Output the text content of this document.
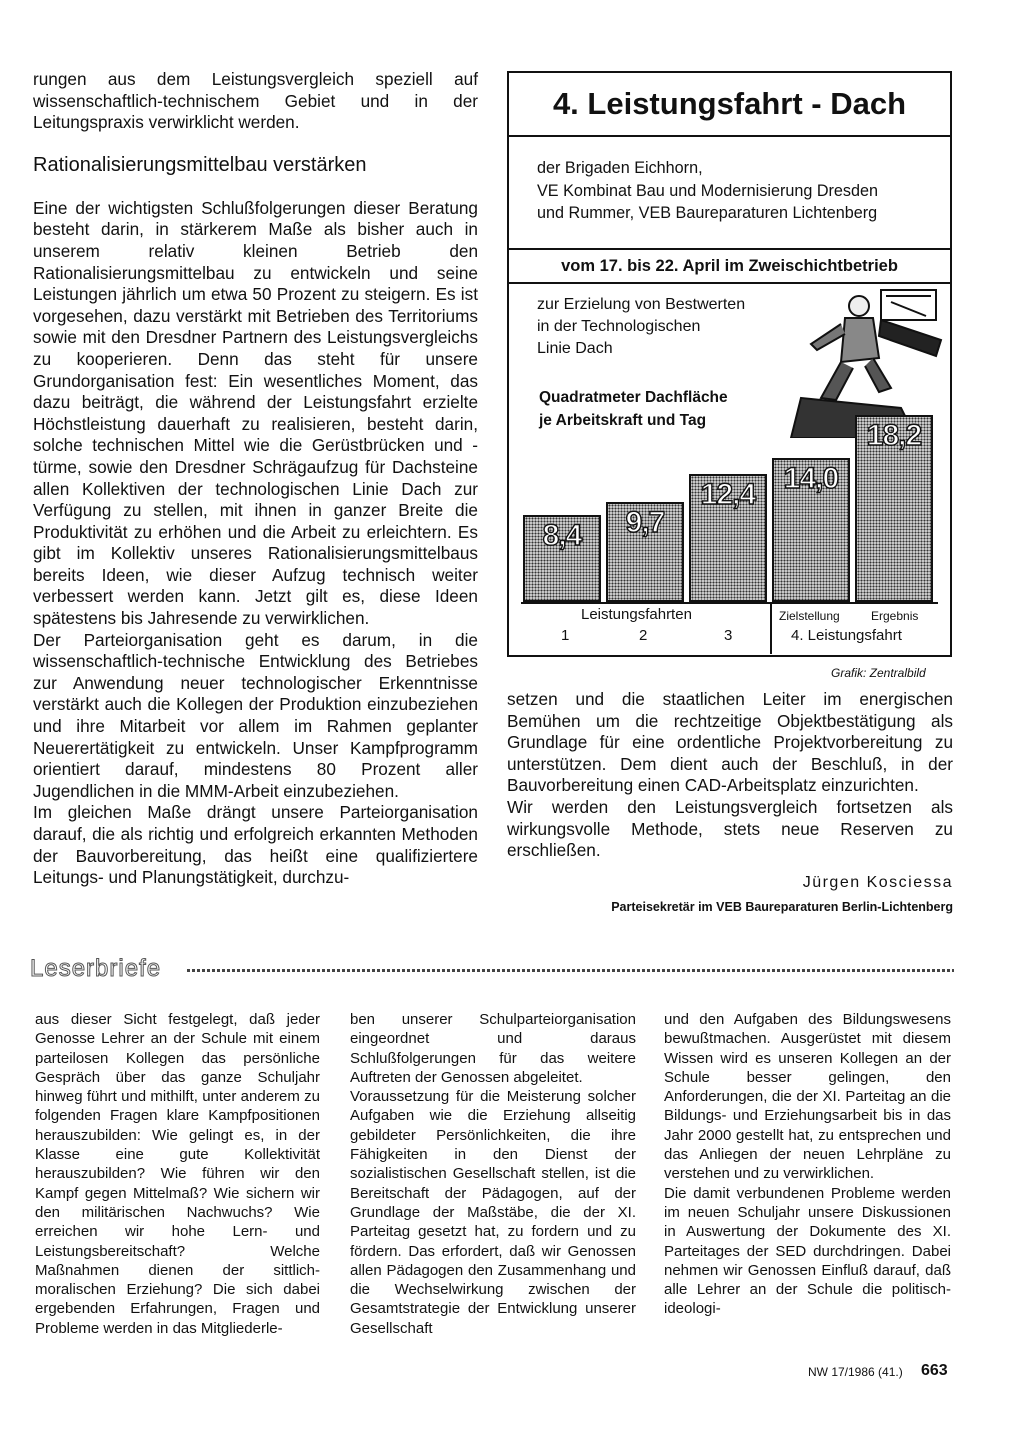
rungen aus dem Leistungsvergleich speziell auf wissenschaftlich-technischem Gebiet und in der Leitungspraxis verwirklicht werden.

Rationalisierungsmittelbau verstärken

Eine der wichtigsten Schlußfolgerungen dieser Beratung besteht darin, in stärkerem Maße als bisher auch in unserem relativ kleinen Betrieb den Rationalisierungsmittelbau zu entwickeln und seine Leistungen jährlich um etwa 50 Prozent zu steigern. Es ist vorgesehen, dazu verstärkt mit Betrieben des Territoriums sowie mit den Dresdner Partnern des Leistungsvergleichs zu kooperieren. Denn das steht für unsere Grundorganisation fest: Ein wesentliches Moment, das dazu beiträgt, die während der Leistungsfahrt erzielte Höchstleistung dauerhaft zu realisieren, besteht darin, solche technischen Mittel wie die Gerüstbrücken und -türme, sowie den Dresdner Schrägaufzug für Dachsteine allen Kollektiven der technologischen Linie Dach zur Verfügung zu stellen, mit ihnen in ganzer Breite die Produktivität zu erhöhen und die Arbeit zu erleichtern. Es gibt im Kollektiv unseres Rationalisierungsmittelbaus bereits Ideen, wie dieser Aufzug technisch weiter verbessert werden kann. Jetzt gilt es, diese Ideen spätestens bis Jahresende zu verwirklichen.

Der Parteiorganisation geht es darum, in die wissenschaftlich-technische Entwicklung des Betriebes zur Anwendung neuer technologischer Erkenntnisse verstärkt auch die Kollegen der Produktion einzubeziehen und ihre Mitarbeit vor allem im Rahmen geplanter Neuerertätigkeit zu entwickeln. Unser Kampfprogramm orientiert darauf, mindestens 80 Prozent aller Jugendlichen in die MMM-Arbeit einzubeziehen.

Im gleichen Maße drängt unsere Parteiorganisation darauf, die als richtig und erfolgreich erkannten Methoden der Bauvorbereitung, das heißt eine qualifiziertere Leitungs- und Planungstätigkeit, durchzu-

4. Leistungsfahrt - Dach
der Brigaden Eichhorn,
VE Kombinat Bau und Modernisierung Dresden
und Rummer, VEB Baureparaturen Lichtenberg
vom 17. bis 22. April im Zweischichtbetrieb
zur Erzielung von Bestwerten
in der Technologischen
Linie Dach
Quadratmeter Dachfläche
je Arbeitskraft und Tag
8,4	9,7
12,4 14,0
18,2
Leistungsfahrten
1	2	3
Zielstellung	Ergebnis
4. Leistungsfahrt
Grafik: Zentralbild

setzen und die staatlichen Leiter im energischen Bemühen um die rechtzeitige Objektbestätigung als Grundlage für eine ordentliche Projektvorbereitung zu unterstützen. Dem dient auch der Beschluß, in der Bauvorbereitung einen CAD-Arbeitsplatz einzurichten.

Wir werden den Leistungsvergleich fortsetzen als wirkungsvolle Methode, stets neue Reserven zu erschließen.

Jürgen Kosciessa
Parteisekretär im VEB Baureparaturen Berlin-Lichtenberg
Leserbriefe

aus dieser Sicht festgelegt, daß jeder Genosse Lehrer an der Schule mit einem parteilosen Kollegen das persönliche Gespräch über das ganze Schuljahr hinweg führt und mithilft, unter anderem zu folgenden Fragen klare Kampfpositionen herauszubilden: Wie gelingt es, in der Klasse eine gute Kollektivität herauszubilden? Wie führen wir den Kampf gegen Mittelmaß? Wie sichern wir den militärischen Nachwuchs? Wie erreichen wir hohe Lern- und Leistungsbereitschaft? Welche Maßnahmen dienen der sittlich-moralischen Erziehung? Die sich dabei ergebenden Erfahrungen, Fragen und Probleme werden in das Mitgliederle-

ben unserer Schulparteiorganisation eingeordnet und daraus Schlußfolgerungen für das weitere Auftreten der Genossen abgeleitet.

Voraussetzung für die Meisterung solcher Aufgaben wie die Erziehung allseitig gebildeter Persönlichkeiten, die ihre Fähigkeiten in den Dienst der sozialistischen Gesellschaft stellen, ist die Bereitschaft der Pädagogen, auf der Grundlage der Maßstäbe, die der XI. Parteitag gesetzt hat, zu fordern und zu fördern. Das erfordert, daß wir Genossen allen Pädagogen den Zusammenhang und die Wechselwirkung zwischen der Gesamtstrategie der Entwicklung unserer Gesellschaft

und den Aufgaben des Bildungswesens bewußtmachen. Ausgerüstet mit diesem Wissen wird es unseren Kollegen an der Schule besser gelingen, den Anforderungen, die der XI. Parteitag an die Bildungs- und Erziehungsarbeit bis in das Jahr 2000 gestellt hat, zu entsprechen und das Anliegen der neuen Lehrpläne zu verstehen und zu verwirklichen.

Die damit verbundenen Probleme werden im neuen Schuljahr unsere Diskussionen in Auswertung der Dokumente des XI. Parteitages der SED durchdringen. Dabei nehmen wir Genossen Einfluß darauf, daß alle Lehrer an der Schule die politisch-ideologi-

NW 17/1986 (41.) 663
